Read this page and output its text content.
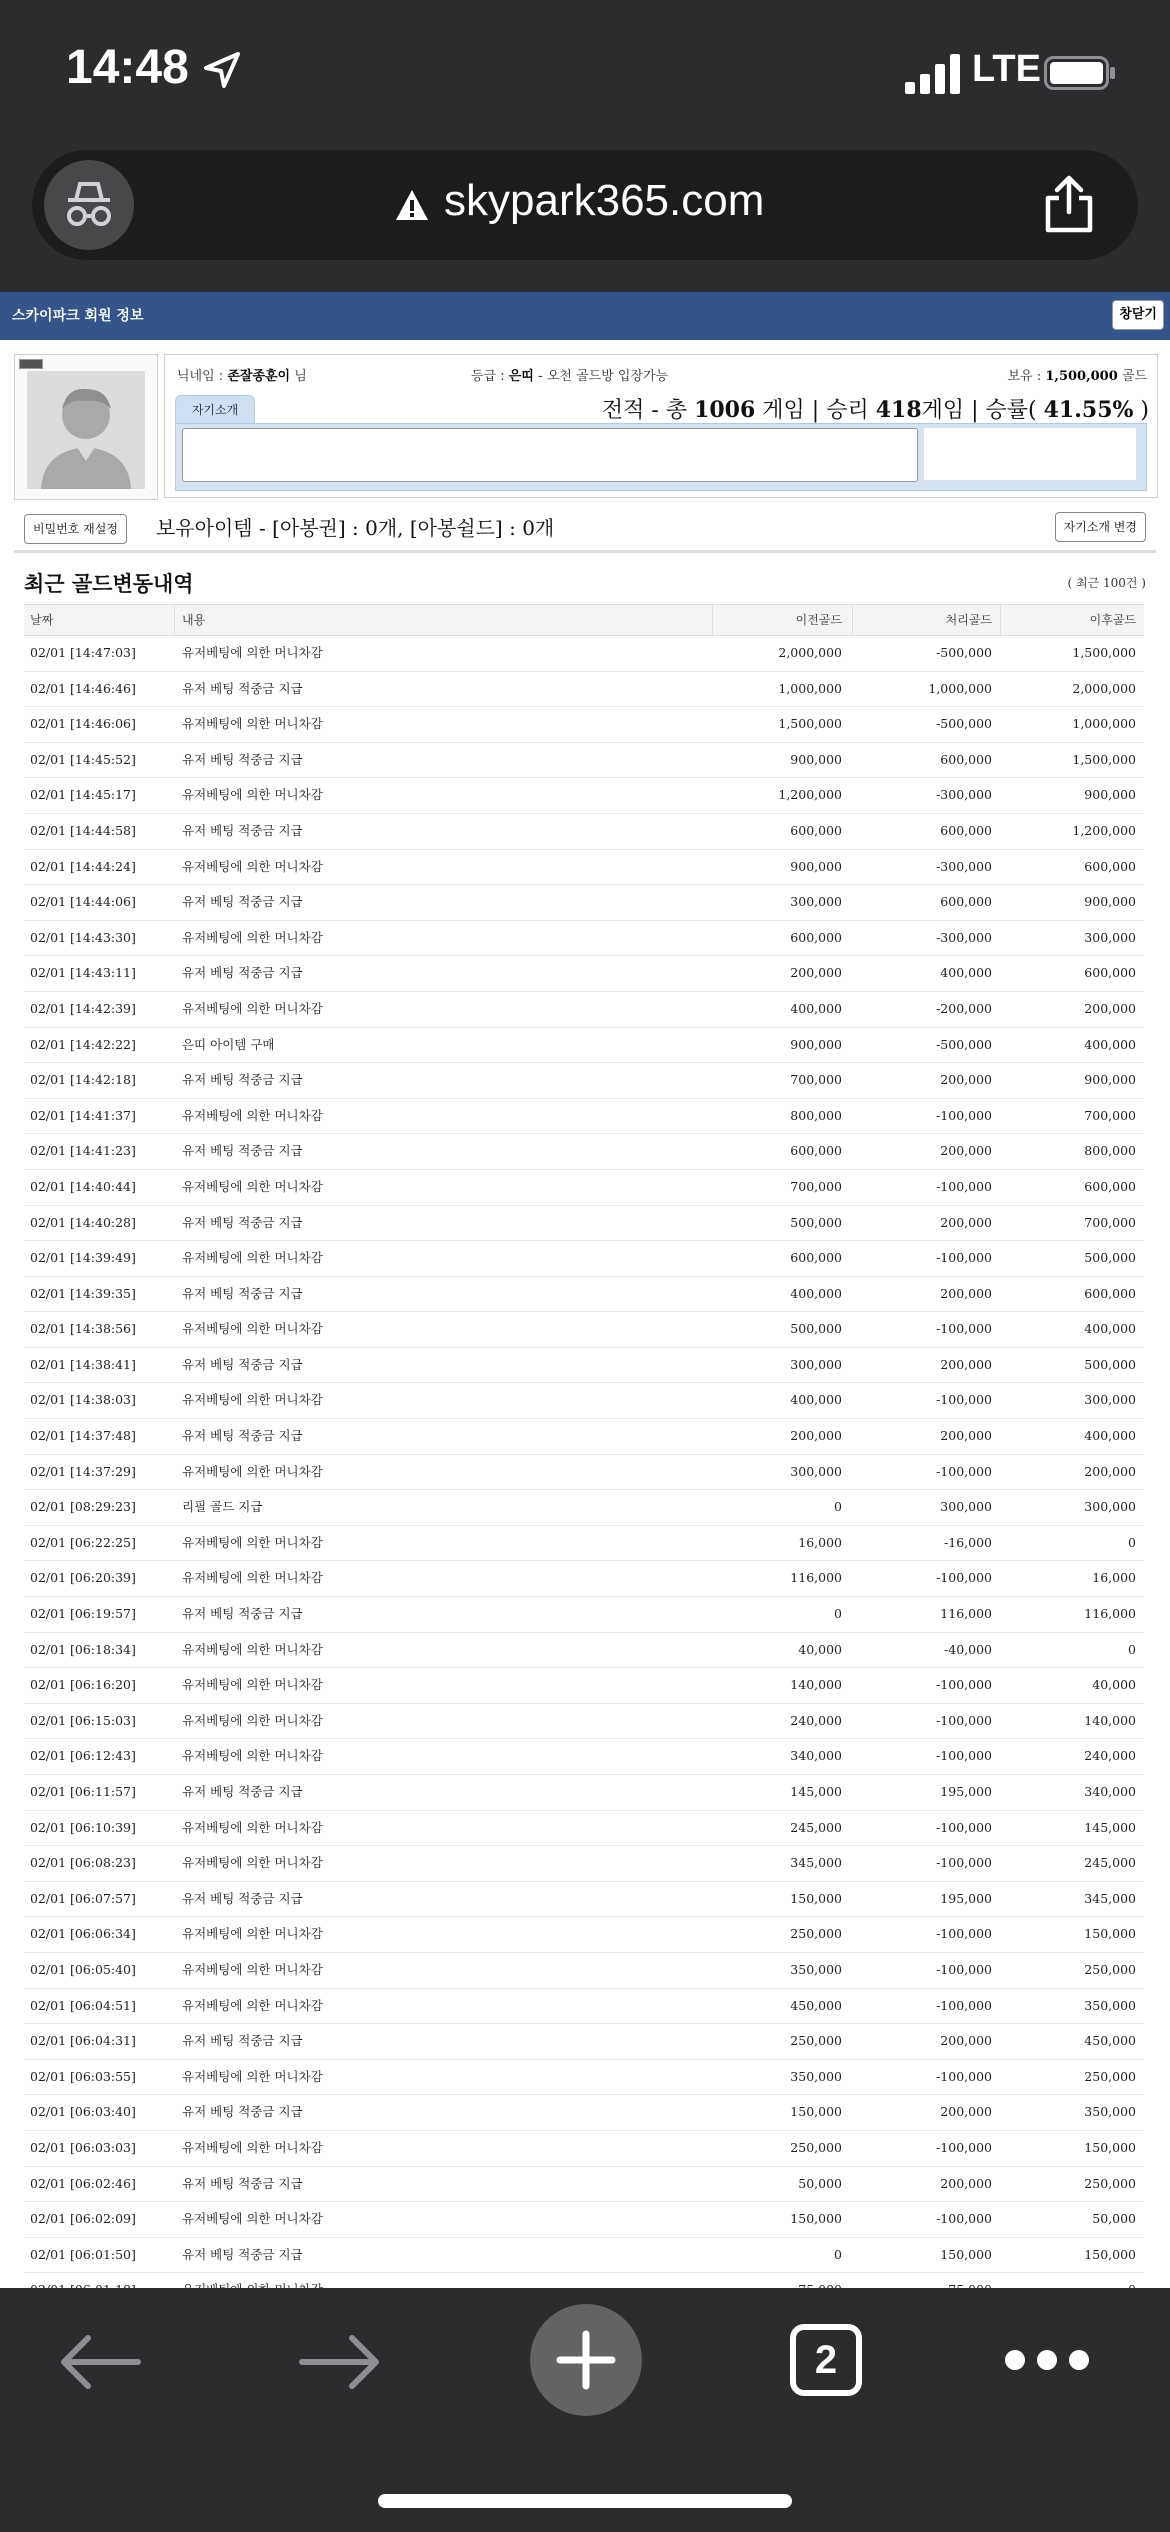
14:48	LTE
skypark365.com
스카이파크 회원 정보	창닫기
닉네임 : 존잘종훈이 님	등급 : 은띠 - 오천 골드방 입장가능	보유 : 1,500,000 골드
자기소개	전적 - 총 1006 게임 | 승리 418게임 | 승률( 41.55% )
비밀번호 재설정	보유아이템 - [아봉권] : 0개, [아봉쉴드] : 0개	자기소개 변경
최근 골드변동내역	( 최근 100건 )
날짜	내용	이전골드	처리골드	이후골드
02/01 [14:47:03]	유저베팅에 의한 머니차감	2,000,000	-500,000	1,500,000
02/01 [14:46:46]	유저 베팅 적중금 지급	1,000,000	1,000,000	2,000,000
02/01 [14:46:06]	유저베팅에 의한 머니차감	1,500,000	-500,000	1,000,000
02/01 [14:45:52]	유저 베팅 적중금 지급	900,000	600,000	1,500,000
02/01 [14:45:17]	유저베팅에 의한 머니차감	1,200,000	-300,000	900,000
02/01 [14:44:58]	유저 베팅 적중금 지급	600,000	600,000	1,200,000
02/01 [14:44:24]	유저베팅에 의한 머니차감	900,000	-300,000	600,000
02/01 [14:44:06]	유저 베팅 적중금 지급	300,000	600,000	900,000
02/01 [14:43:30]	유저베팅에 의한 머니차감	600,000	-300,000	300,000
02/01 [14:43:11]	유저 베팅 적중금 지급	200,000	400,000	600,000
02/01 [14:42:39]	유저베팅에 의한 머니차감	400,000	-200,000	200,000
02/01 [14:42:22]	은띠 아이템 구매	900,000	-500,000	400,000
02/01 [14:42:18]	유저 베팅 적중금 지급	700,000	200,000	900,000
02/01 [14:41:37]	유저베팅에 의한 머니차감	800,000	-100,000	700,000
02/01 [14:41:23]	유저 베팅 적중금 지급	600,000	200,000	800,000
02/01 [14:40:44]	유저베팅에 의한 머니차감	700,000	-100,000	600,000
02/01 [14:40:28]	유저 베팅 적중금 지급	500,000	200,000	700,000
02/01 [14:39:49]	유저베팅에 의한 머니차감	600,000	-100,000	500,000
02/01 [14:39:35]	유저 베팅 적중금 지급	400,000	200,000	600,000
02/01 [14:38:56]	유저베팅에 의한 머니차감	500,000	-100,000	400,000
02/01 [14:38:41]	유저 베팅 적중금 지급	300,000	200,000	500,000
02/01 [14:38:03]	유저베팅에 의한 머니차감	400,000	-100,000	300,000
02/01 [14:37:48]	유저 베팅 적중금 지급	200,000	200,000	400,000
02/01 [14:37:29]	유저베팅에 의한 머니차감	300,000	-100,000	200,000
02/01 [08:29:23]	리필 골드 지급	0	300,000	300,000
02/01 [06:22:25]	유저베팅에 의한 머니차감	16,000	-16,000	0
02/01 [06:20:39]	유저베팅에 의한 머니차감	116,000	-100,000	16,000
02/01 [06:19:57]	유저 베팅 적중금 지급	0	116,000	116,000
02/01 [06:18:34]	유저베팅에 의한 머니차감	40,000	-40,000	0
02/01 [06:16:20]	유저베팅에 의한 머니차감	140,000	-100,000	40,000
02/01 [06:15:03]	유저베팅에 의한 머니차감	240,000	-100,000	140,000
02/01 [06:12:43]	유저베팅에 의한 머니차감	340,000	-100,000	240,000
02/01 [06:11:57]	유저 베팅 적중금 지급	145,000	195,000	340,000
02/01 [06:10:39]	유저베팅에 의한 머니차감	245,000	-100,000	145,000
02/01 [06:08:23]	유저베팅에 의한 머니차감	345,000	-100,000	245,000
02/01 [06:07:57]	유저 베팅 적중금 지급	150,000	195,000	345,000
02/01 [06:06:34]	유저베팅에 의한 머니차감	250,000	-100,000	150,000
02/01 [06:05:40]	유저베팅에 의한 머니차감	350,000	-100,000	250,000
02/01 [06:04:51]	유저베팅에 의한 머니차감	450,000	-100,000	350,000
02/01 [06:04:31]	유저 베팅 적중금 지급	250,000	200,000	450,000
02/01 [06:03:55]	유저베팅에 의한 머니차감	350,000	-100,000	250,000
02/01 [06:03:40]	유저 베팅 적중금 지급	150,000	200,000	350,000
02/01 [06:03:03]	유저베팅에 의한 머니차감	250,000	-100,000	150,000
02/01 [06:02:46]	유저 베팅 적중금 지급	50,000	200,000	250,000
02/01 [06:02:09]	유저베팅에 의한 머니차감	150,000	-100,000	50,000
02/01 [06:01:50]	유저 베팅 적중금 지급	0	150,000	150,000
2
